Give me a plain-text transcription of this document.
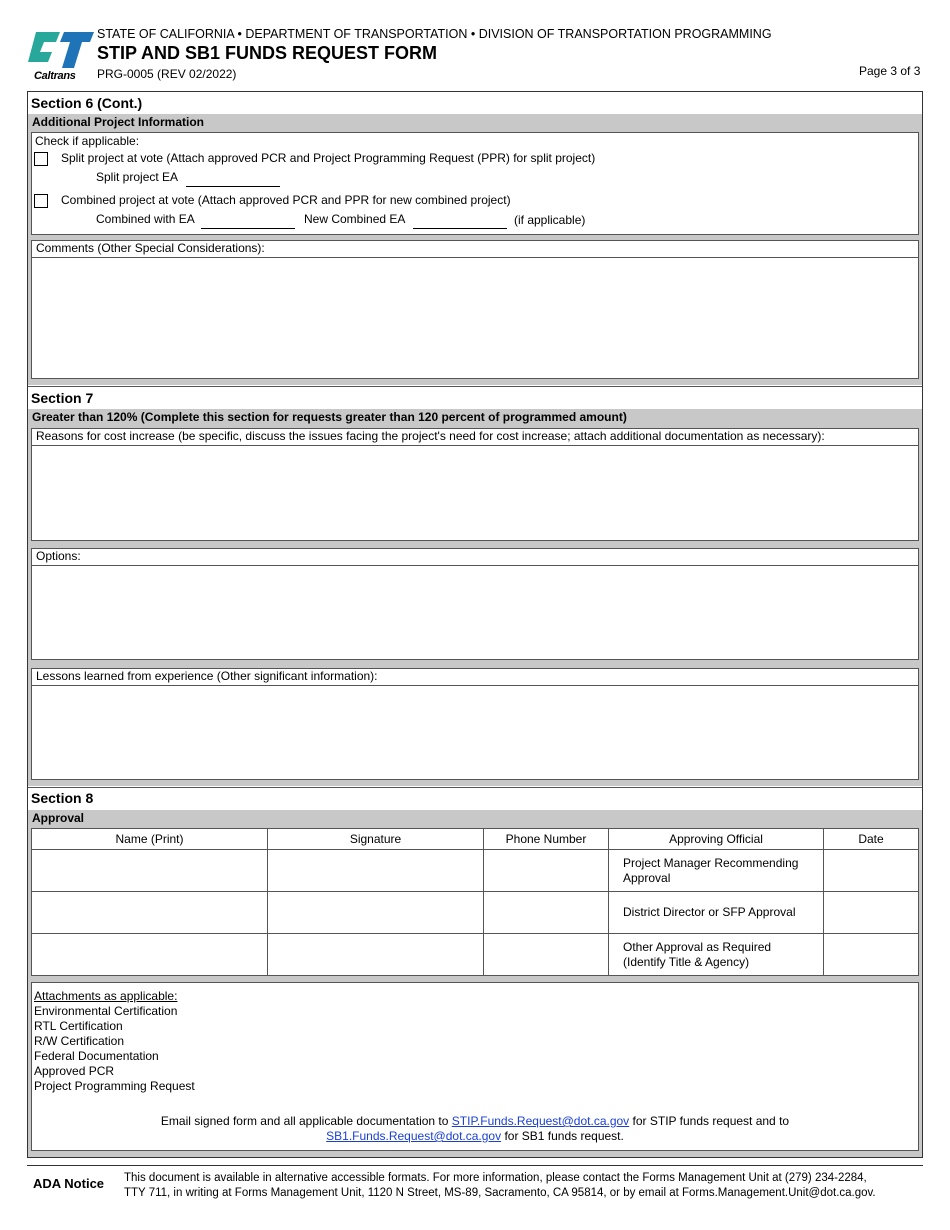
Caltrans
STATE OF CALIFORNIA • DEPARTMENT OF TRANSPORTATION • DIVISION OF TRANSPORTATION PROGRAMMING
STIP AND SB1 FUNDS REQUEST FORM
PRG-0005 (REV 02/2022)	Page 3 of 3
Section 6 (Cont.)
Additional Project Information
Check if applicable:
Split project at vote (Attach approved PCR and Project Programming Request (PPR) for split project)
Split project EA
Combined project at vote (Attach approved PCR and PPR for new combined project)
Combined with EA	New Combined EA	(if applicable)
Comments (Other Special Considerations):
Section 7
Greater than 120% (Complete this section for requests greater than 120 percent of programmed amount)
Reasons for cost increase (be specific, discuss the issues facing the project's need for cost increase; attach additional documentation as necessary):
Options:
Lessons learned from experience (Other significant information):
Section 8
Approval
Name (Print)	Signature	Phone Number	Approving Official	Date
			Project Manager Recommending
Approval	
			District Director or SFP Approval	
			Other Approval as Required
(Identify Title & Agency)	
Attachments as applicable:
Environmental Certification
RTL Certification
R/W Certification
Federal Documentation
Approved PCR
Project Programming Request
Email signed form and all applicable documentation to STIP.Funds.Request@dot.ca.gov for STIP funds request and to
SB1.Funds.Request@dot.ca.gov for SB1 funds request.
ADA Notice This document is available in alternative accessible formats. For more information, please contact the Forms Management Unit at (279) 234-2284,
TTY 711, in writing at Forms Management Unit, 1120 N Street, MS-89, Sacramento, CA 95814, or by email at Forms.Management.Unit@dot.ca.gov.
